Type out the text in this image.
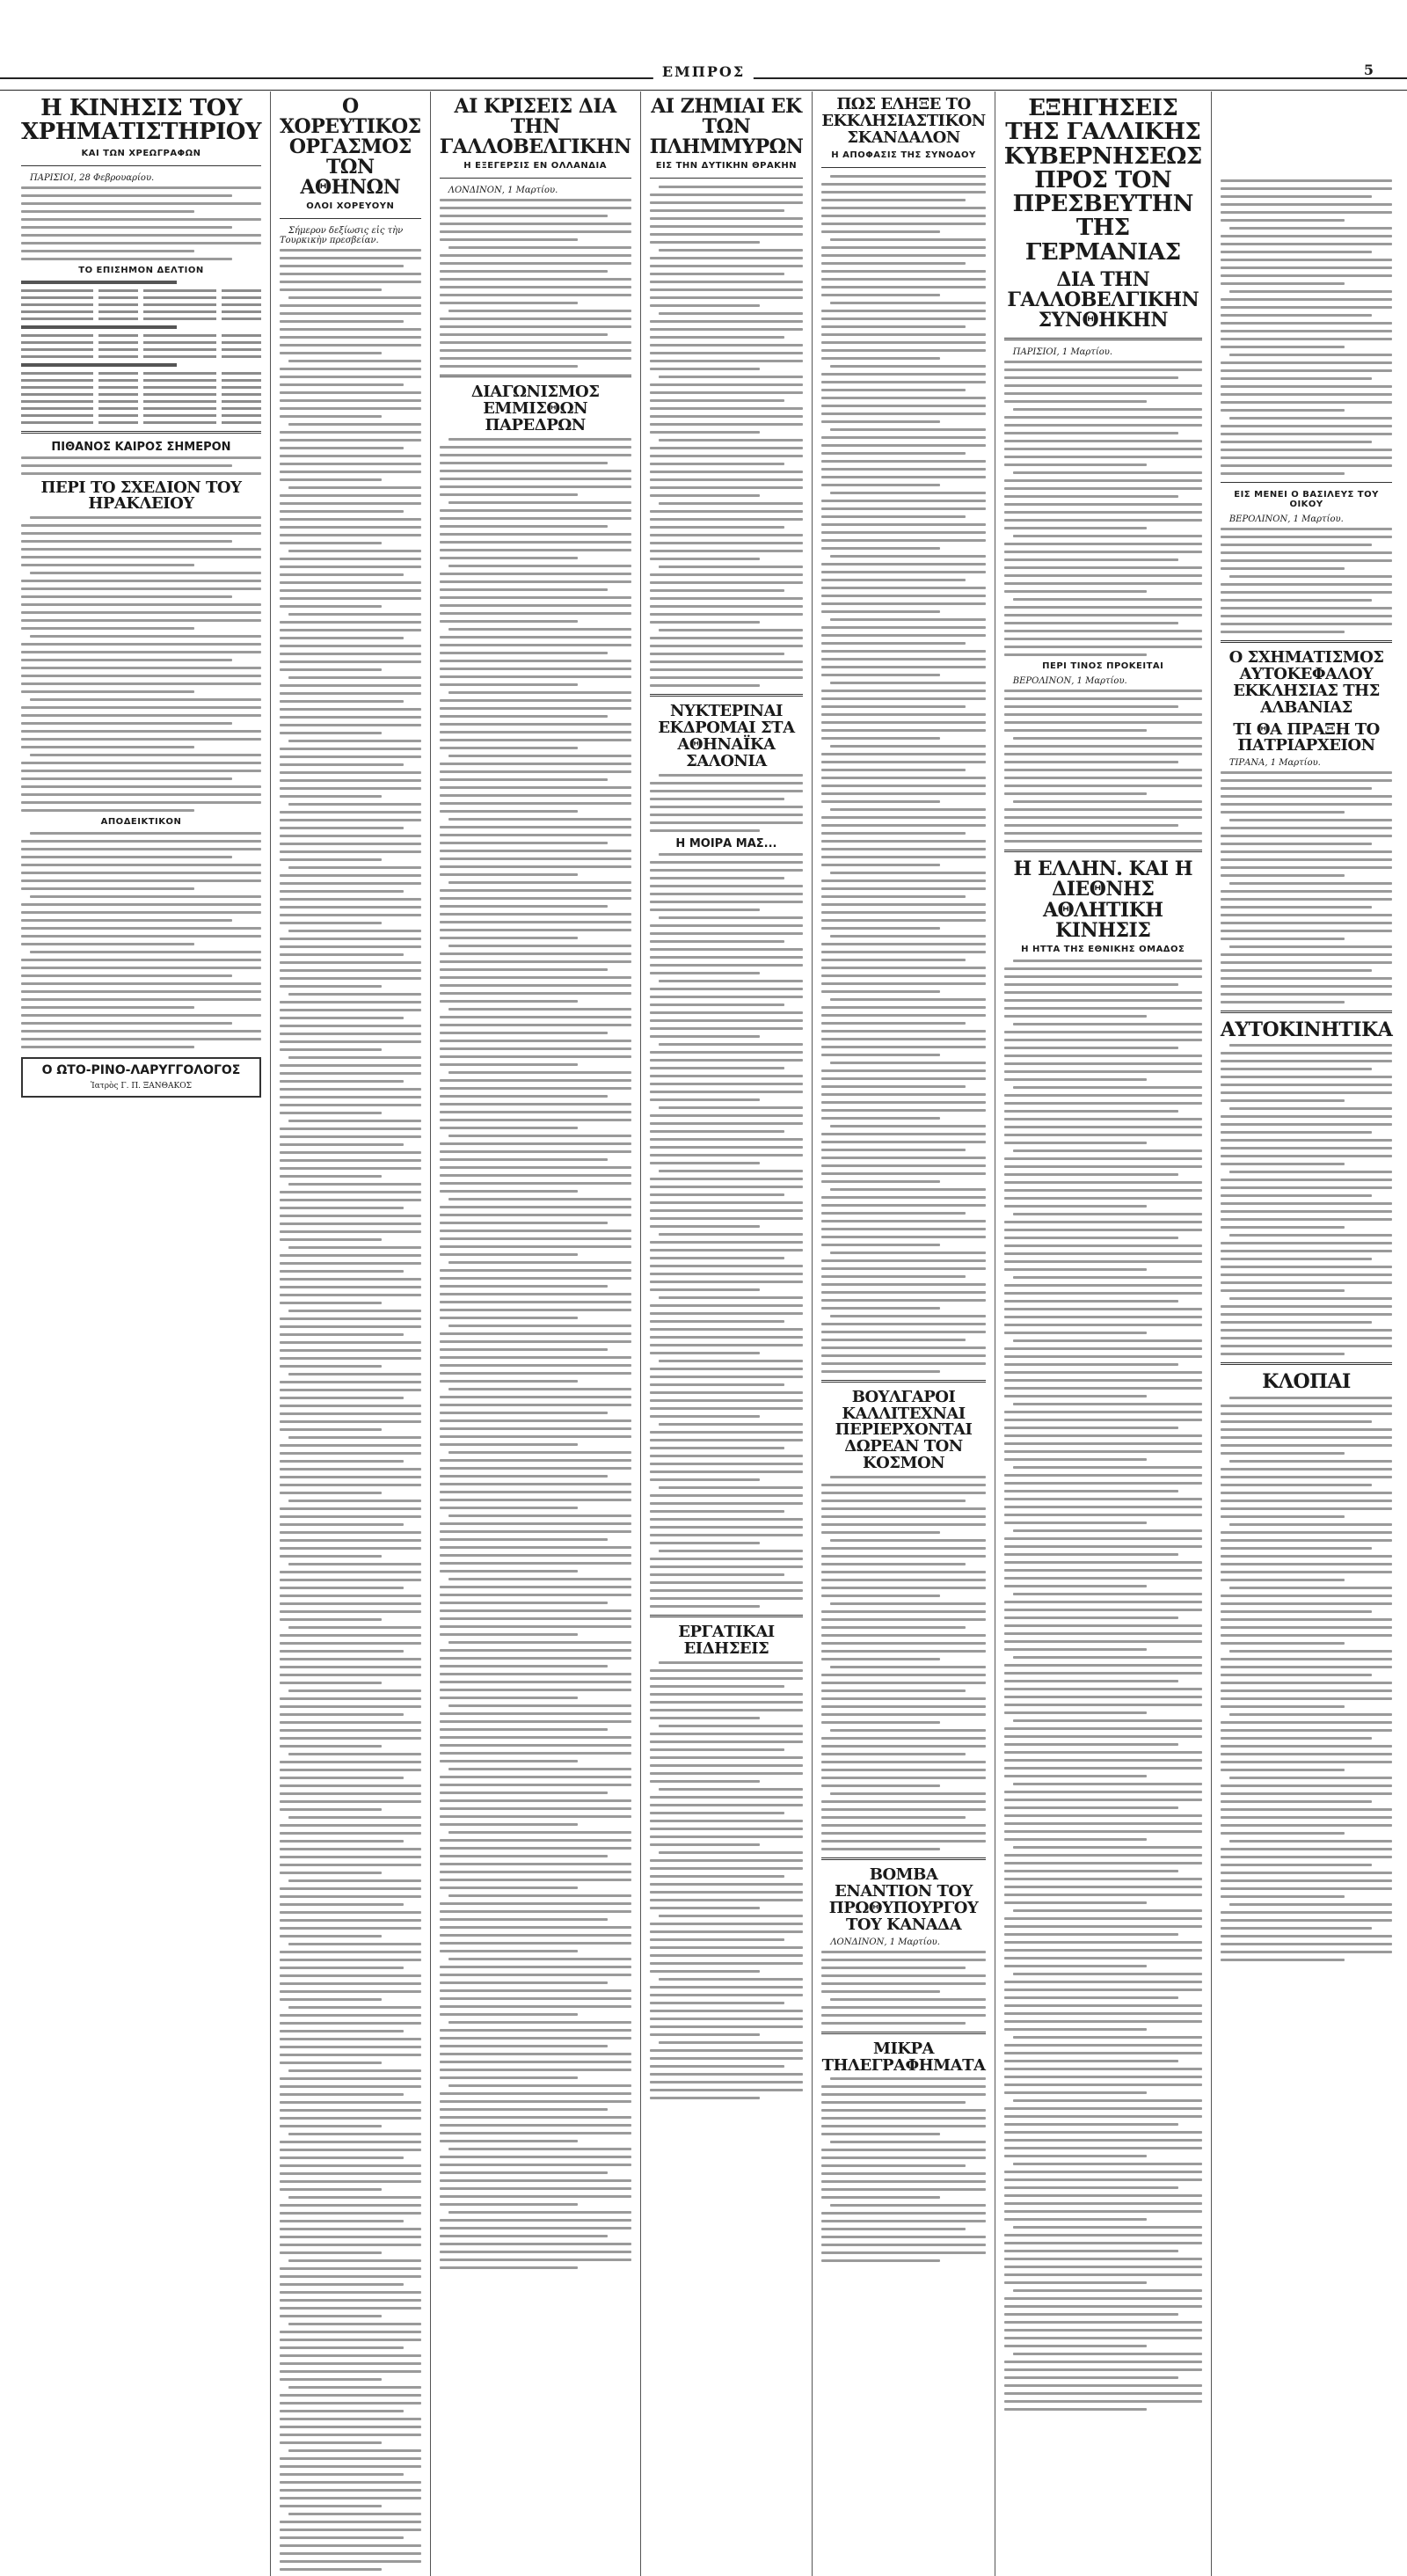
ΕΜΠΡΟΣ	5
Η ΚΙΝΗΣΙΣ ΤΟΥ ΧΡΗΜΑΤΙΣΤΗΡΙΟΥ
ΚΑΙ ΤΩΝ ΧΡΕΩΓΡΑΦΩΝ
ΠΑΡΙΣΙΟΙ, 28 Φεβρουαρίου.
ΤΟ ΕΠΙΣΗΜΟΝ ΔΕΛΤΙΟΝ
ΠΙΘΑΝΟΣ ΚΑΙΡΟΣ ΣΗΜΕΡΟΝ
ΠΕΡΙ ΤΟ ΣΧΕΔΙΟΝ ΤΟΥ ΗΡΑΚΛΕΙΟΥ
ΑΠΟΔΕΙΚΤΙΚΟΝ
Ο ΩΤΟ-ΡΙΝΟ-ΛΑΡΥΓΓΟΛΟΓΟΣ
Ἰατρὸς Γ. Π. ΞΑΝΘΑΚΟΣ
Ο ΧΟΡΕΥΤΙΚΟΣ ΟΡΓΑΣΜΟΣ ΤΩΝ ΑΘΗΝΩΝ
ΟΛΟΙ ΧΟΡΕΥΟΥΝ
Σήμερον δεξίωσις εἰς τὴν Τουρκικὴν πρεσβείαν.
ΑΙ ΚΡΙΣΕΙΣ ΔΙΑ ΤΗΝ ΓΑΛΛΟΒΕΛΓΙΚΗΝ
Η ΕΞΕΓΕΡΣΙΣ ΕΝ ΟΛΛΑΝΔΙΑ
ΛΟΝΔΙΝΟΝ, 1 Μαρτίου.
ΔΙΑΓΩΝΙΣΜΟΣ ΕΜΜΙΣΘΩΝ ΠΑΡΕΔΡΩΝ
ΑΙ ΖΗΜΙΑΙ ΕΚ ΤΩΝ ΠΛΗΜΜΥΡΩΝ
ΕΙΣ ΤΗΝ ΔΥΤΙΚΗΝ ΘΡΑΚΗΝ
ΝΥΚΤΕΡΙΝΑΙ ΕΚΔΡΟΜΑΙ ΣΤΑ ΑΘΗΝΑΪΚΑ ΣΑΛΟΝΙΑ
Η ΜΟΙΡΑ ΜΑΣ...
ΕΡΓΑΤΙΚΑΙ ΕΙΔΗΣΕΙΣ
ΠΩΣ ΕΛΗΞΕ ΤΟ ΕΚΚΛΗΣΙΑΣΤΙΚΟΝ ΣΚΑΝΔΑΛΟΝ
Η ΑΠΟΦΑΣΙΣ ΤΗΣ ΣΥΝΟΔΟΥ
ΒΟΥΛΓΑΡΟΙ ΚΑΛΛΙΤΕΧΝΑΙ ΠΕΡΙΕΡΧΟΝΤΑΙ ΔΩΡΕΑΝ ΤΟΝ ΚΟΣΜΟΝ
ΒΟΜΒΑ ΕΝΑΝΤΙΟΝ ΤΟΥ ΠΡΩΘΥΠΟΥΡΓΟΥ ΤΟΥ ΚΑΝΑΔΑ
ΛΟΝΔΙΝΟΝ, 1 Μαρτίου.
ΜΙΚΡΑ ΤΗΛΕΓΡΑΦΗΜΑΤΑ
ΕΞΗΓΗΣΕΙΣ ΤΗΣ ΓΑΛΛΙΚΗΣ ΚΥΒΕΡΝΗΣΕΩΣ ΠΡΟΣ ΤΟΝ ΠΡΕΣΒΕΥΤΗΝ ΤΗΣ ΓΕΡΜΑΝΙΑΣ
ΔΙΑ ΤΗΝ ΓΑΛΛΟΒΕΛΓΙΚΗΝ ΣΥΝΘΗΚΗΝ
ΠΑΡΙΣΙΟΙ, 1 Μαρτίου.
ΠΕΡΙ ΤΙΝΟΣ ΠΡΟΚΕΙΤΑΙ
ΒΕΡΟΛΙΝΟΝ, 1 Μαρτίου.
Η ΕΛΛΗΝ. ΚΑΙ Η ΔΙΕΘΝΗΣ ΑΘΛΗΤΙΚΗ ΚΙΝΗΣΙΣ
Η ΗΤΤΑ ΤΗΣ ΕΘΝΙΚΗΣ ΟΜΑΔΟΣ
ΕΙΣ ΜΕΝΕΙ Ο ΒΑΣΙΛΕΥΣ ΤΟΥ ΟΙΚΟΥ
ΒΕΡΟΛΙΝΟΝ, 1 Μαρτίου.
Ο ΣΧΗΜΑΤΙΣΜΟΣ ΑΥΤΟΚΕΦΑΛΟΥ ΕΚΚΛΗΣΙΑΣ ΤΗΣ ΑΛΒΑΝΙΑΣ
ΤΙ ΘΑ ΠΡΑΞΗ ΤΟ ΠΑΤΡΙΑΡΧΕΙΟΝ
ΤΙΡΑΝΑ, 1 Μαρτίου.
ΑΥΤΟΚΙΝΗΤΙΚΑ
ΚΛΟΠΑΙ
